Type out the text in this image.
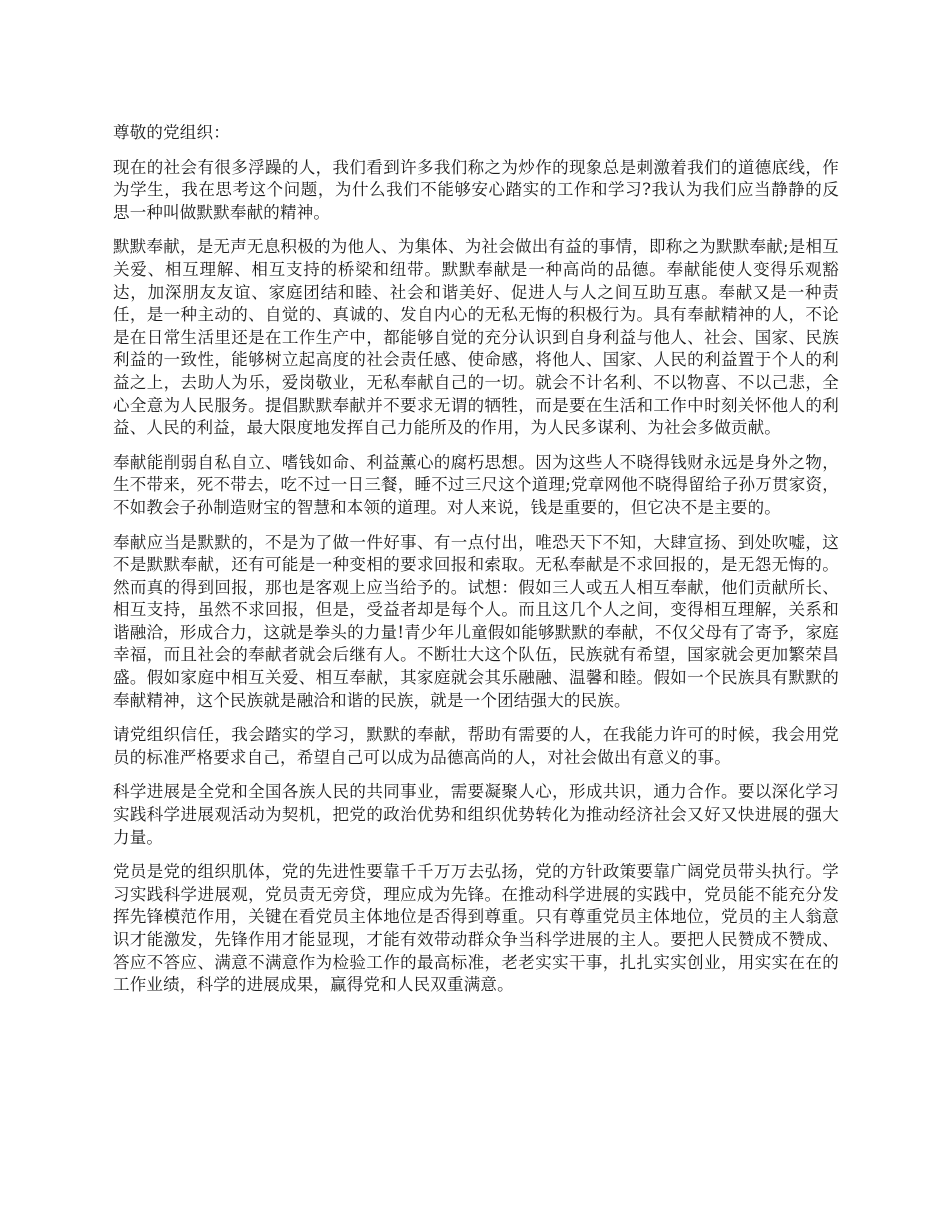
尊敬的党组织：

现在的社会有很多浮躁的人，我们看到许多我们称之为炒作的现象总是刺激着我们的道德底线，作为学生，我在思考这个问题，为什么我们不能够安心踏实的工作和学习?我认为我们应当静静的反思一种叫做默默奉献的精神。

默默奉献，是无声无息积极的为他人、为集体、为社会做出有益的事情，即称之为默默奉献;是相互关爱、相互理解、相互支持的桥梁和纽带。默默奉献是一种高尚的品德。奉献能使人变得乐观豁达，加深朋友友谊、家庭团结和睦、社会和谐美好、促进人与人之间互助互惠。奉献又是一种责任，是一种主动的、自觉的、真诚的、发自内心的无私无悔的积极行为。具有奉献精神的人，不论是在日常生活里还是在工作生产中，都能够自觉的充分认识到自身利益与他人、社会、国家、民族利益的一致性，能够树立起高度的社会责任感、使命感，将他人、国家、人民的利益置于个人的利益之上，去助人为乐，爱岗敬业，无私奉献自己的一切。就会不计名利、不以物喜、不以己悲，全心全意为人民服务。提倡默默奉献并不要求无谓的牺牲，而是要在生活和工作中时刻关怀他人的利益、人民的利益，最大限度地发挥自己力能所及的作用，为人民多谋利、为社会多做贡献。

奉献能削弱自私自立、嗜钱如命、利益薰心的腐朽思想。因为这些人不晓得钱财永远是身外之物，生不带来，死不带去，吃不过一日三餐，睡不过三尺这个道理;党章网他不晓得留给子孙万贯家资，不如教会子孙制造财宝的智慧和本领的道理。对人来说，钱是重要的，但它决不是主要的。

奉献应当是默默的，不是为了做一件好事、有一点付出，唯恐天下不知，大肆宣扬、到处吹嘘，这不是默默奉献，还有可能是一种变相的要求回报和索取。无私奉献是不求回报的，是无怨无悔的。然而真的得到回报，那也是客观上应当给予的。试想：假如三人或五人相互奉献，他们贡献所长、相互支持，虽然不求回报，但是，受益者却是每个人。而且这几个人之间，变得相互理解，关系和谐融洽，形成合力，这就是拳头的力量!青少年儿童假如能够默默的奉献，不仅父母有了寄予，家庭幸福，而且社会的奉献者就会后继有人。不断壮大这个队伍，民族就有希望，国家就会更加繁荣昌盛。假如家庭中相互关爱、相互奉献，其家庭就会其乐融融、温馨和睦。假如一个民族具有默默的奉献精神，这个民族就是融洽和谐的民族，就是一个团结强大的民族。

请党组织信任，我会踏实的学习，默默的奉献，帮助有需要的人，在我能力许可的时候，我会用党员的标准严格要求自己，希望自己可以成为品德高尚的人，对社会做出有意义的事。

科学进展是全党和全国各族人民的共同事业，需要凝聚人心，形成共识，通力合作。要以深化学习实践科学进展观活动为契机，把党的政治优势和组织优势转化为推动经济社会又好又快进展的强大力量。

党员是党的组织肌体，党的先进性要靠千千万万去弘扬，党的方针政策要靠广阔党员带头执行。学习实践科学进展观，党员责无旁贷，理应成为先锋。在推动科学进展的实践中，党员能不能充分发挥先锋模范作用，关键在看党员主体地位是否得到尊重。只有尊重党员主体地位，党员的主人翁意识才能激发，先锋作用才能显现，才能有效带动群众争当科学进展的主人。要把人民赞成不赞成、答应不答应、满意不满意作为检验工作的最高标准，老老实实干事，扎扎实实创业，用实实在在的工作业绩，科学的进展成果，赢得党和人民双重满意。
